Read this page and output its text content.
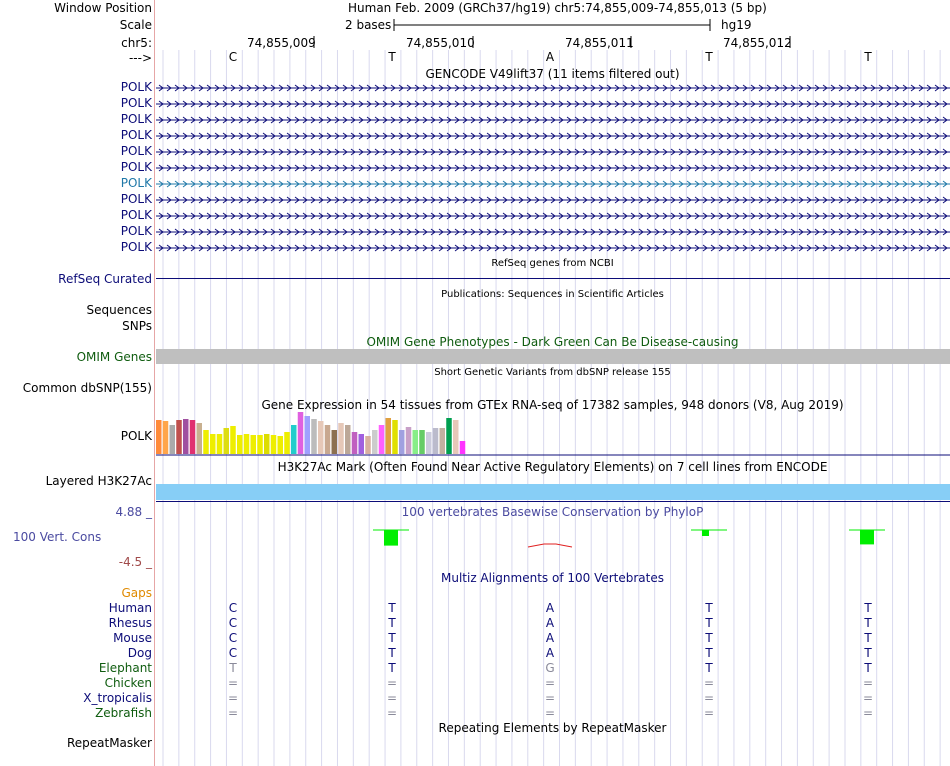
Window Position
Scale
chr5:
--->
Human Feb. 2009 (GRCh37/hg19) chr5:74,855,009-74,855,013 (5 bp)
2 bases	hg19
74,855,009	74,855,010	74,855,011	74,855,012
C	T	A	T	T
GENCODE V49lift37 (11 items filtered out)
POLK
POLK
POLK
POLK
POLK
POLK
POLK
POLK
POLK
POLK
POLK
RefSeq genes from NCBI
RefSeq Curated
Publications: Sequences in Scientific Articles
Sequences
SNPs
OMIM Gene Phenotypes - Dark Green Can Be Disease-causing
OMIM Genes
Short Genetic Variants from dbSNP release 155
Common dbSNP(155)
Gene Expression in 54 tissues from GTEx RNA-seq of 17382 samples, 948 donors (V8, Aug 2019)
POLK
H3K27Ac Mark (Often Found Near Active Regulatory Elements) on 7 cell lines from ENCODE
Layered H3K27Ac
100 vertebrates Basewise Conservation by PhyloP
4.88 _
100 Vert. Cons
-4.5 _
Multiz Alignments of 100 Vertebrates
Gaps
Human	C	T	A	T	T
Rhesus	C	T	A	T	T
Mouse	C	T	A	T	T
Dog	C	T	A	T	T
Elephant	T	T	G	T	T
Chicken	=	=	=	=	=
X_tropicalis	=	=	=	=	=
Zebrafish	=	=	=	=	=
Repeating Elements by RepeatMasker
RepeatMasker
